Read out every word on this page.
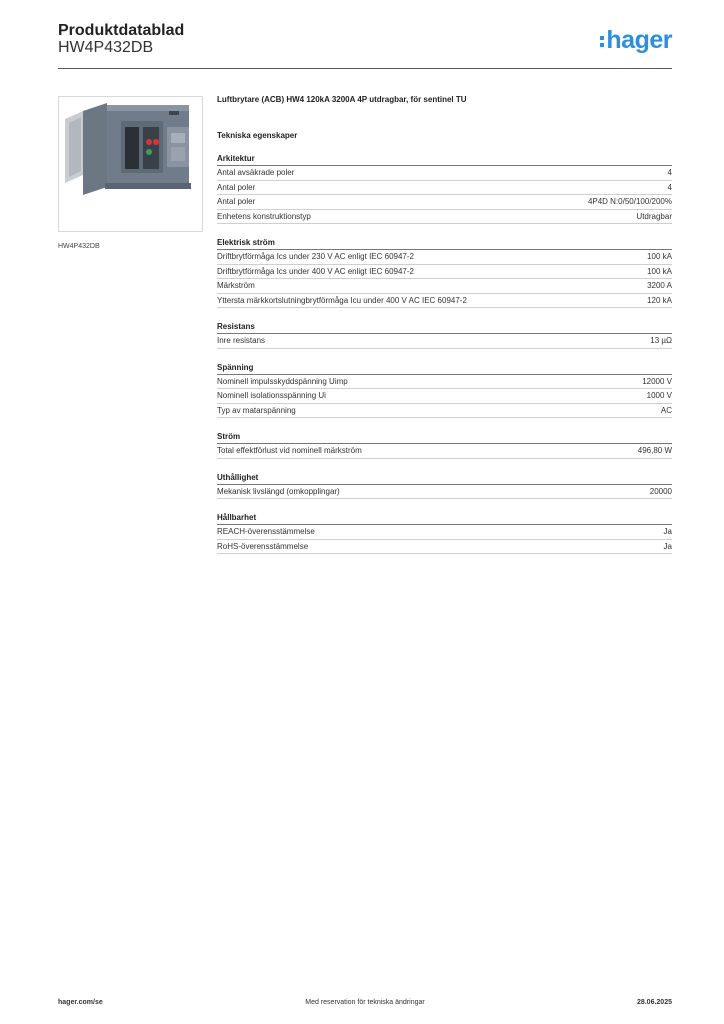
Produktdatablad
HW4P432DB	hager
HW4P432DB
Luftbrytare (ACB) HW4 120kA 3200A 4P utdragbar, för sentinel TU
Tekniska egenskaper
Arkitektur
Antal avsäkrade poler	4
Antal poler	4
Antal poler	4P4D N:0/50/100/200%
Enhetens konstruktionstyp	Utdragbar
Elektrisk ström
Driftbrytförmåga Ics under 230 V AC enligt IEC 60947-2	100 kA
Driftbrytförmåga Ics under 400 V AC enligt IEC 60947-2	100 kA
Märkström	3200 A
Yttersta märkkortslutningbrytförmåga Icu under 400 V AC IEC 60947-2	120 kA
Resistans
Inre resistans	13 µΩ
Spänning
Nominell impulsskyddspänning Uimp	12000 V
Nominell isolationsspänning Ui	1000 V
Typ av matarspänning	AC
Ström
Total effektförlust vid nominell märkström	496,80 W
Uthållighet
Mekanisk livslängd (omkopplingar)	20000
Hållbarhet
REACH-överensstämmelse	Ja
RoHS-överensstämmelse	Ja
hager.com/se	Med reservation för tekniska ändringar	28.06.2025
